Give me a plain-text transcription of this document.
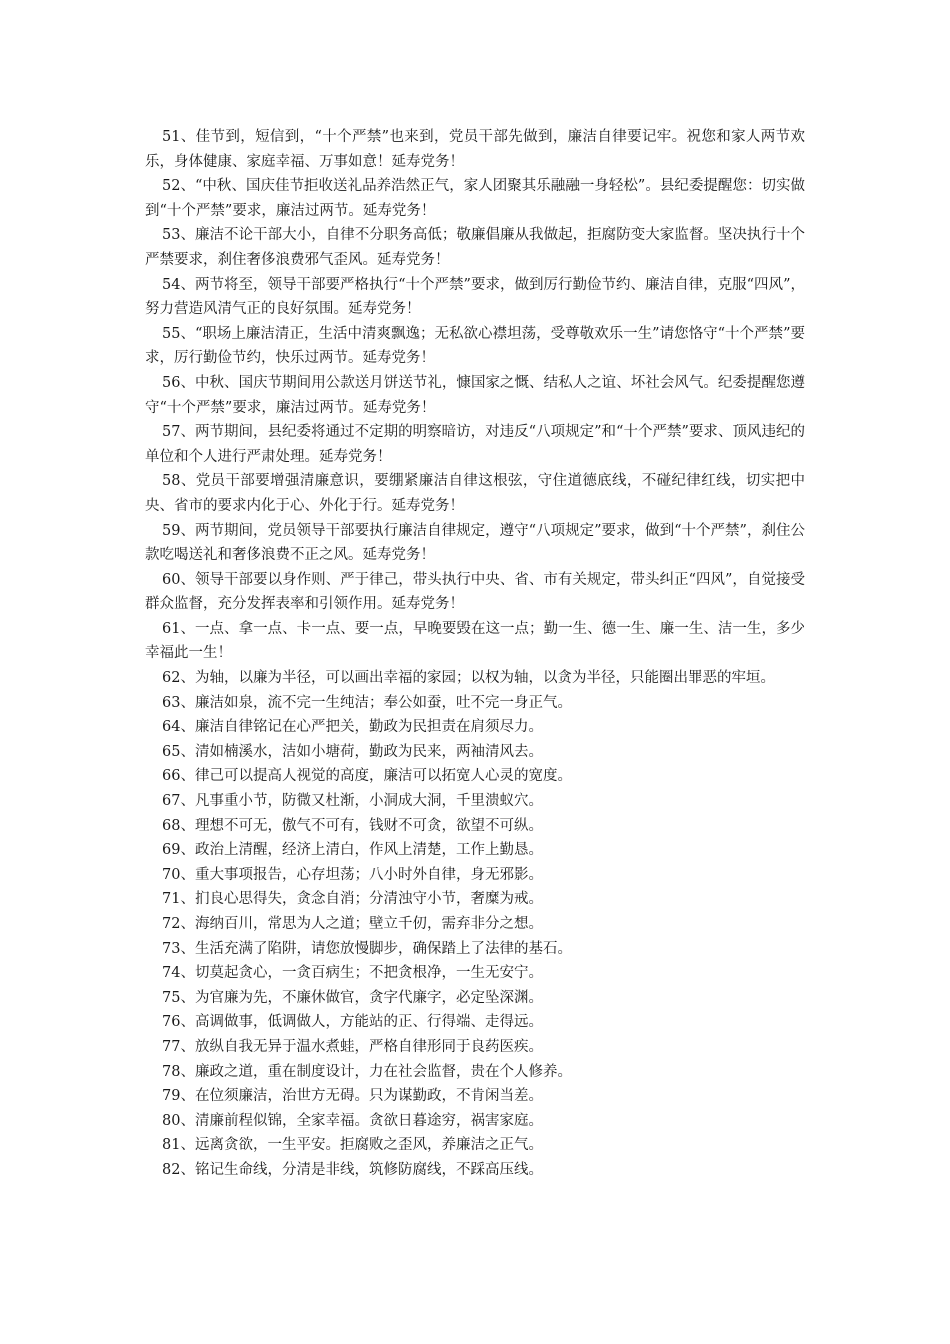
51、佳节到，短信到，“十个严禁”也来到，党员干部先做到，廉洁自律要记牢。祝您和家人两节欢乐，身体健康、家庭幸福、万事如意！延寿党务！

52、“中秋、国庆佳节拒收送礼品养浩然正气，家人团聚其乐融融一身轻松”。县纪委提醒您：切实做到“十个严禁”要求，廉洁过两节。延寿党务！

53、廉洁不论干部大小，自律不分职务高低；敬廉倡廉从我做起，拒腐防变大家监督。坚决执行十个严禁要求，刹住奢侈浪费邪气歪风。延寿党务！

54、两节将至，领导干部要严格执行“十个严禁”要求，做到厉行勤俭节约、廉洁自律，克服“四风”，努力营造风清气正的良好氛围。延寿党务！

55、“职场上廉洁清正，生活中清爽飘逸；无私欲心襟坦荡，受尊敬欢乐一生”请您恪守“十个严禁”要求，厉行勤俭节约，快乐过两节。延寿党务！

56、中秋、国庆节期间用公款送月饼送节礼，慷国家之慨、结私人之谊、坏社会风气。纪委提醒您遵守“十个严禁”要求，廉洁过两节。延寿党务！

57、两节期间，县纪委将通过不定期的明察暗访，对违反“八项规定”和“十个严禁”要求、顶风违纪的单位和个人进行严肃处理。延寿党务！

58、党员干部要增强清廉意识，要绷紧廉洁自律这根弦，守住道德底线，不碰纪律红线，切实把中央、省市的要求内化于心、外化于行。延寿党务！

59、两节期间，党员领导干部要执行廉洁自律规定，遵守“八项规定”要求，做到“十个严禁”，刹住公款吃喝送礼和奢侈浪费不正之风。延寿党务！

60、领导干部要以身作则、严于律己，带头执行中央、省、市有关规定，带头纠正“四风”，自觉接受群众监督，充分发挥表率和引领作用。延寿党务！

61、一点、拿一点、卡一点、要一点，早晚要毁在这一点；勤一生、德一生、廉一生、洁一生，多少幸福此一生！

62、为轴，以廉为半径，可以画出幸福的家园；以权为轴，以贪为半径，只能圈出罪恶的牢垣。

63、廉洁如泉，流不完一生纯洁；奉公如蚕，吐不完一身正气。

64、廉洁自律铭记在心严把关，勤政为民担责在肩须尽力。

65、清如楠溪水，洁如小塘荷，勤政为民来，两袖清风去。

66、律己可以提高人视觉的高度，廉洁可以拓宽人心灵的宽度。

67、凡事重小节，防微又杜渐，小洞成大洞，千里溃蚁穴。

68、理想不可无，傲气不可有，钱财不可贪，欲望不可纵。

69、政治上清醒，经济上清白，作风上清楚，工作上勤恳。

70、重大事项报告，心存坦荡；八小时外自律，身无邪影。

71、扪良心思得失，贪念自消；分清浊守小节，奢糜为戒。

72、海纳百川，常思为人之道；壁立千仞，需弃非分之想。

73、生活充满了陷阱，请您放慢脚步，确保踏上了法律的基石。

74、切莫起贪心，一贪百病生；不把贪根净，一生无安宁。

75、为官廉为先，不廉休做官，贪字代廉字，必定坠深渊。

76、高调做事，低调做人，方能站的正、行得端、走得远。

77、放纵自我无异于温水煮蛙，严格自律形同于良药医疾。

78、廉政之道，重在制度设计，力在社会监督，贵在个人修养。

79、在位须廉洁，治世方无碍。只为谋勤政，不肯闲当差。

80、清廉前程似锦，全家幸福。贪欲日暮途穷，祸害家庭。

81、远离贪欲，一生平安。拒腐败之歪风，养廉洁之正气。

82、铭记生命线，分清是非线，筑修防腐线，不踩高压线。
